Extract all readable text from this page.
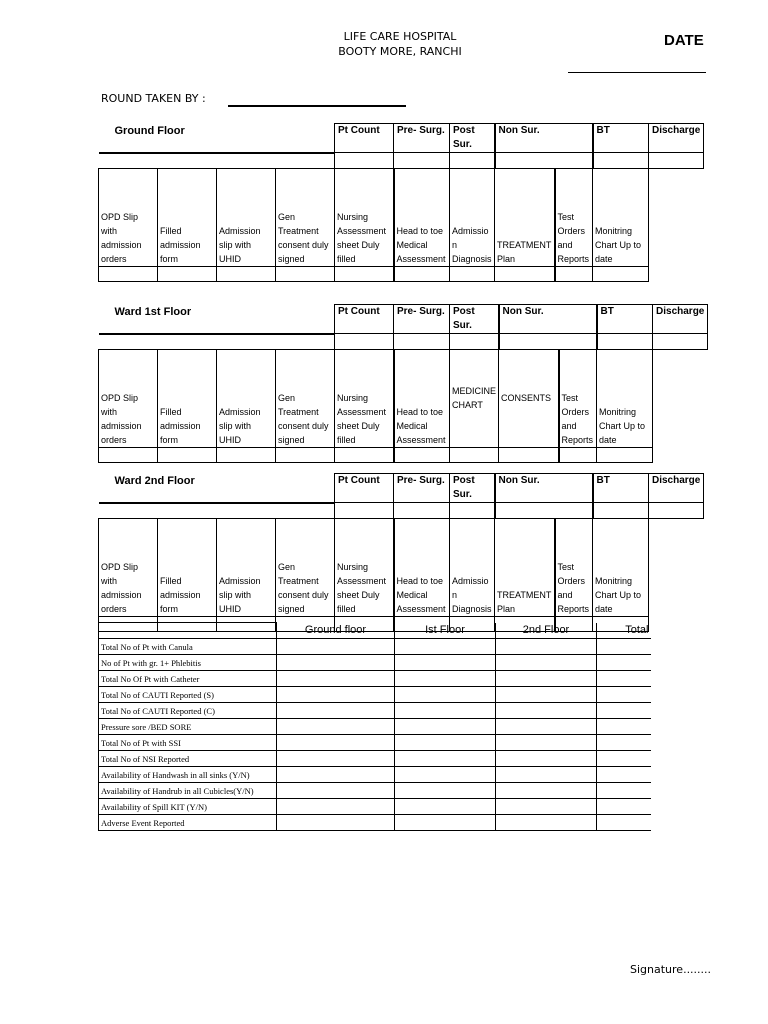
LIFE CARE HOSPITAL
BOOTY MORE, RANCHI
DATE
ROUND TAKEN BY :
Ground Floor				Pt Count	Pre- Surg.	Post Sur.	Non Sur.		BT	Discharge

OPD Slip with admission orders	Filled admission form	Admission slip with UHID	Gen Treatment consent duly signed	Nursing Assessment sheet Duly filled	Head to toe Medical Assessment	Admissio n Diagnosis	TREATMENT Plan	Test Orders and Reports	Monitring Chart Up to date	

Ward 1st Floor				Pt Count	Pre- Surg.	Post Sur.	Non Sur.		BT	Discharge

OPD Slip with admission orders	Filled admission form	Admission slip with UHID	Gen Treatment consent duly signed	Nursing Assessment sheet Duly filled	Head to toe Medical Assessment	MEDICINE CHART	CONSENTS	Test Orders and Reports	Monitring Chart Up to date	

Ward 2nd Floor				Pt Count	Pre- Surg.	Post Sur.	Non Sur.		BT	Discharge

OPD Slip with admission orders	Filled admission form	Admission slip with UHID	Gen Treatment consent duly signed	Nursing Assessment sheet Duly filled	Head to toe Medical Assessment	Admissio n Diagnosis	TREATMENT Plan	Test Orders and Reports	Monitring Chart Up to date	

	Ground floor	Ist Floor	2nd Floor	Total
Total No of Pt with Canula				
No of Pt with gr. 1+ Phlebitis				
Total No Of Pt with Catheter				
Total No of CAUTI Reported (S)				
Total No of CAUTI Reported (C)				
Pressure sore /BED SORE				
Total No of Pt with SSI				
Total No of NSI Reported				
Availability of Handwash in all sinks (Y/N)				
Availability of Handrub in all Cubicles(Y/N)				
Availability of Spill KIT (Y/N)				
Adverse Event Reported				
Signature........
